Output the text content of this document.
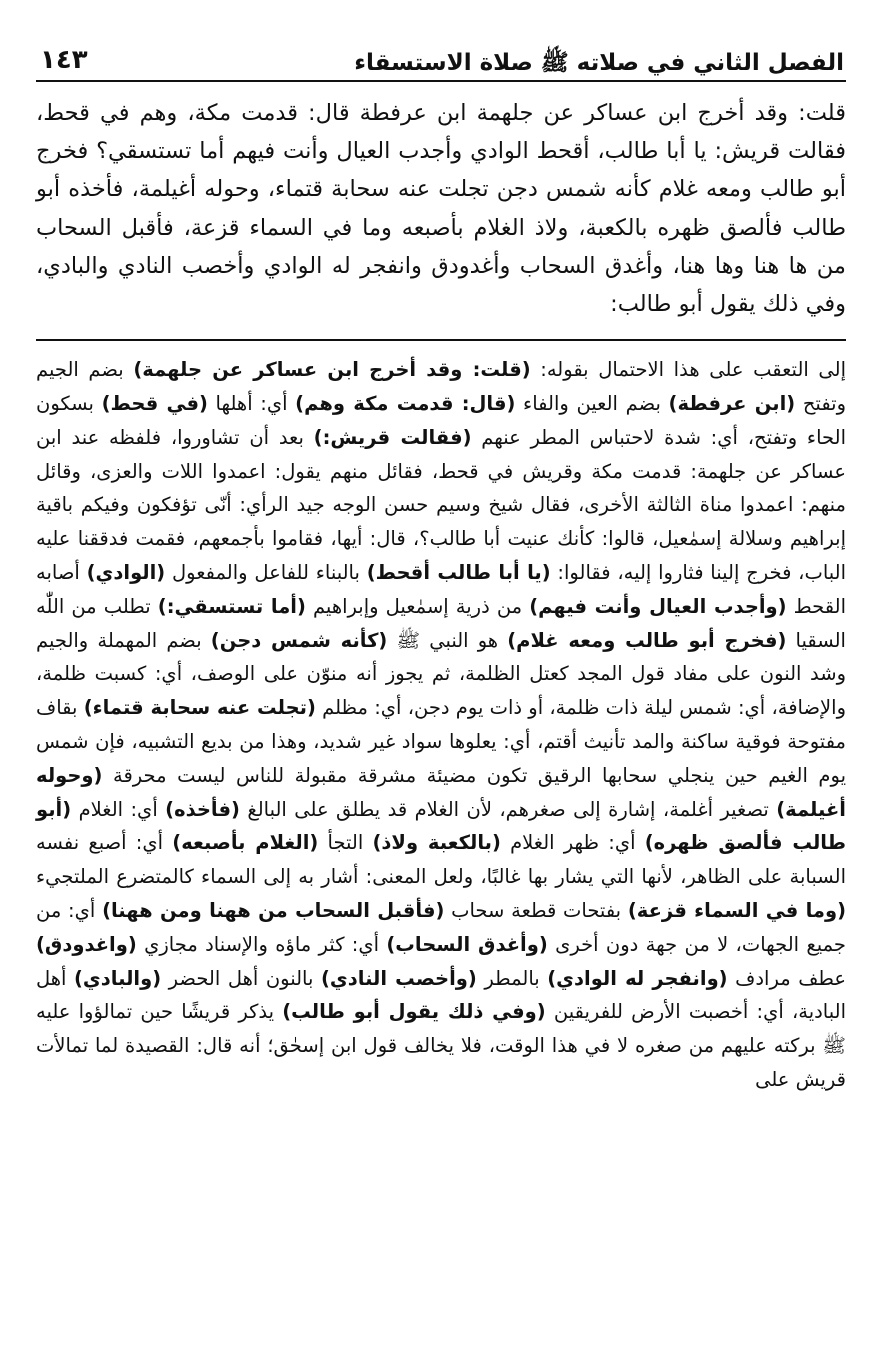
الفصل الثاني في صلاته ﷺ صلاة الاستسقاء
١٤٣

قلت: وقد أخرج ابن عساكر عن جلهمة ابن عرفطة قال: قدمت مكة، وهم في قحط، فقالت قريش: يا أبا طالب، أقحط الوادي وأجدب العيال وأنت فيهم أما تستسقي؟ فخرج أبو طالب ومعه غلام كأنه شمس دجن تجلت عنه سحابة قتماء، وحوله أغيلمة، فأخذه أبو طالب فألصق ظهره بالكعبة، ولاذ الغلام بأصبعه وما في السماء قزعة، فأقبل السحاب من ها هنا وها هنا، وأغدق السحاب وأغدودق وانفجر له الوادي وأخصب النادي والبادي، وفي ذلك يقول أبو طالب:

إلى التعقب على هذا الاحتمال بقوله: (قلت: وقد أخرج ابن عساكر عن جلهمة) بضم الجيم وتفتح (ابن عرفطة) بضم العين والفاء (قال: قدمت مكة وهم) أي: أهلها (في قحط) بسكون الحاء وتفتح، أي: شدة لاحتباس المطر عنهم (فقالت قريش:) بعد أن تشاوروا، فلفظه عند ابن عساكر عن جلهمة: قدمت مكة وقريش في قحط، فقائل منهم يقول: اعمدوا اللات والعزى، وقائل منهم: اعمدوا مناة الثالثة الأخرى، فقال شيخ وسيم حسن الوجه جيد الرأي: أنّى تؤفكون وفيكم باقية إبراهيم وسلالة إسمٰعيل، قالوا: كأنك عنيت أبا طالب؟، قال: أيها، فقاموا بأجمعهم، فقمت فدققنا عليه الباب، فخرج إلينا فثاروا إليه، فقالوا: (يا أبا طالب أقحط) بالبناء للفاعل والمفعول (الوادي) أصابه القحط (وأجدب العيال وأنت فيهم) من ذرية إسمٰعيل وإبراهيم (أما تستسقي:) تطلب من اللّٰه السقيا (فخرج أبو طالب ومعه غلام) هو النبي ﷺ (كأنه شمس دجن) بضم المهملة والجيم وشد النون على مفاد قول المجد كعتل الظلمة، ثم يجوز أنه منوّن على الوصف، أي: كسبت ظلمة، والإضافة، أي: شمس ليلة ذات ظلمة، أو ذات يوم دجن، أي: مظلم (تجلت عنه سحابة قتماء) بقاف مفتوحة فوقية ساكنة والمد تأنيث أقتم، أي: يعلوها سواد غير شديد، وهذا من بديع التشبيه، فإن شمس يوم الغيم حين ينجلي سحابها الرقيق تكون مضيئة مشرقة مقبولة للناس ليست محرقة (وحوله أغيلمة) تصغير أغلمة، إشارة إلى صغرهم، لأن الغلام قد يطلق على البالغ (فأخذه) أي: الغلام (أبو طالب فألصق ظهره) أي: ظهر الغلام (بالكعبة ولاذ) التجأ (الغلام بأصبعه) أي: أصبع نفسه السبابة على الظاهر، لأنها التي يشار بها غالبًا، ولعل المعنى: أشار به إلى السماء كالمتضرع الملتجيء (وما في السماء قزعة) بفتحات قطعة سحاب (فأقبل السحاب من ههنا ومن ههنا) أي: من جميع الجهات، لا من جهة دون أخرى (وأغدق السحاب) أي: كثر ماؤه والإسناد مجازي (واغدودق) عطف مرادف (وانفجر له الوادي) بالمطر (وأخصب النادي) بالنون أهل الحضر (والبادي) أهل البادية، أي: أخصبت الأرض للفريقين (وفي ذلك يقول أبو طالب) يذكر قريشًا حين تمالؤوا عليه ﷺ بركته عليهم من صغره لا في هذا الوقت، فلا يخالف قول ابن إسحٰق؛ أنه قال: القصيدة لما تمالأت قريش على
